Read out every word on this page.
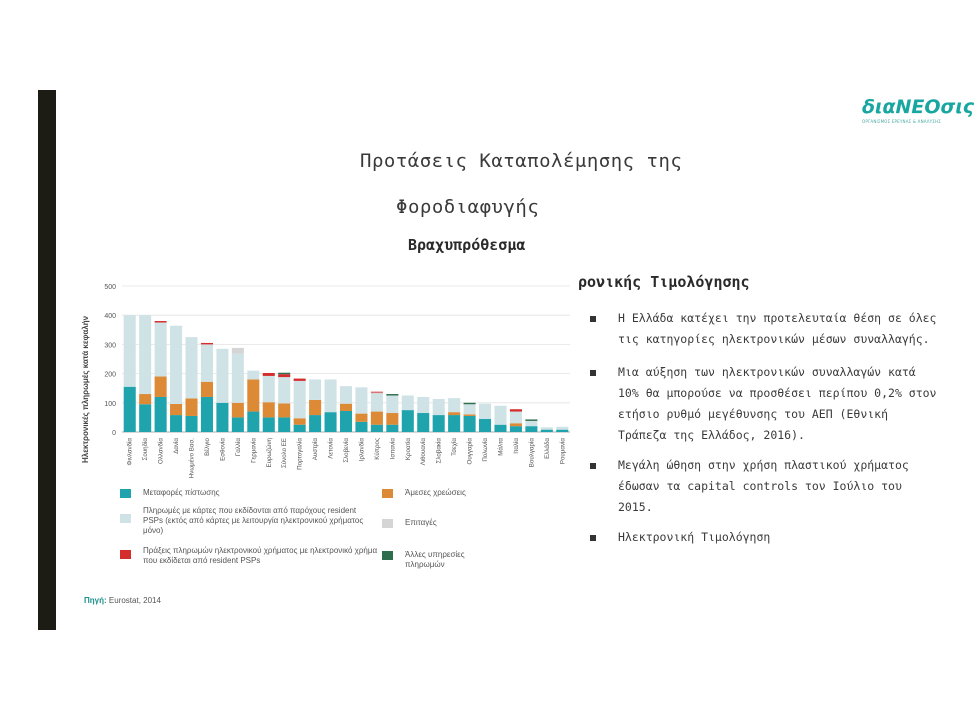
διαΝΕΟσις
ΟΡΓΑΝΙΣΜΟΣ ΕΡΕΥΝΑΣ & ΑΝΑΛΥΣΗΣ
Προτάσεις Καταπολέμησης της
Φοροδιαφυγής
Βραχυπρόθεσμα
ρονικής Τιμολόγησης
Η Ελλάδα κατέχει την προτελευταία θέση σε όλες τις κατηγορίες ηλεκτρονικών μέσων συναλλαγής.
Μια αύξηση των ηλεκτρονικών συναλλαγών κατά 10% θα μπορούσε να προσθέσει περίπου 0,2% στον ετήσιο ρυθμό μεγέθυνσης του ΑΕΠ (Εθνική Τράπεζα της Ελλάδος, 2016).
Μεγάλη ώθηση στην χρήση πλαστικού χρήματος έδωσαν τα capital controls τον Ιούλιο του 2015.
Ηλεκτρονική Τιμολόγηση
Ηλεκτρονικές πληρωμές κατά κεφαλήν	0
100
200
300
400
500
Φινλανδία Σουηδία Ολλανδία Δανία Ηνωμένο Βασ. Βέλγιο Εσθονία Γαλλία Γερμανία Ευρωζώνη Σύνολο ΕΕ Πορτογαλία Αυστρία Λετονία Σλοβενία Ιρλανδία Κύπρος Ισπανία Κροατία Λιθουανία Σλοβακία Τσεχία Ουγγαρία Πολωνία Μάλτα Ιταλία Βουλγαρία Ελλάδα Ρουμανία
Μεταφορές πίστωσης	Άμεσες χρεώσεις
Πληρωμές με κάρτες που εκδίδονται από παρόχους resident PSPs (εκτός από κάρτες με λειτουργία ηλεκτρονικού χρήματος μόνο)
Επιταγές
Πράξεις πληρωμών ηλεκτρονικού χρήματος με ηλεκτρονικό χρήμα που εκδίδεται από resident PSPs
Άλλες υπηρεσίες πληρωμών
Πηγή: Eurostat, 2014
